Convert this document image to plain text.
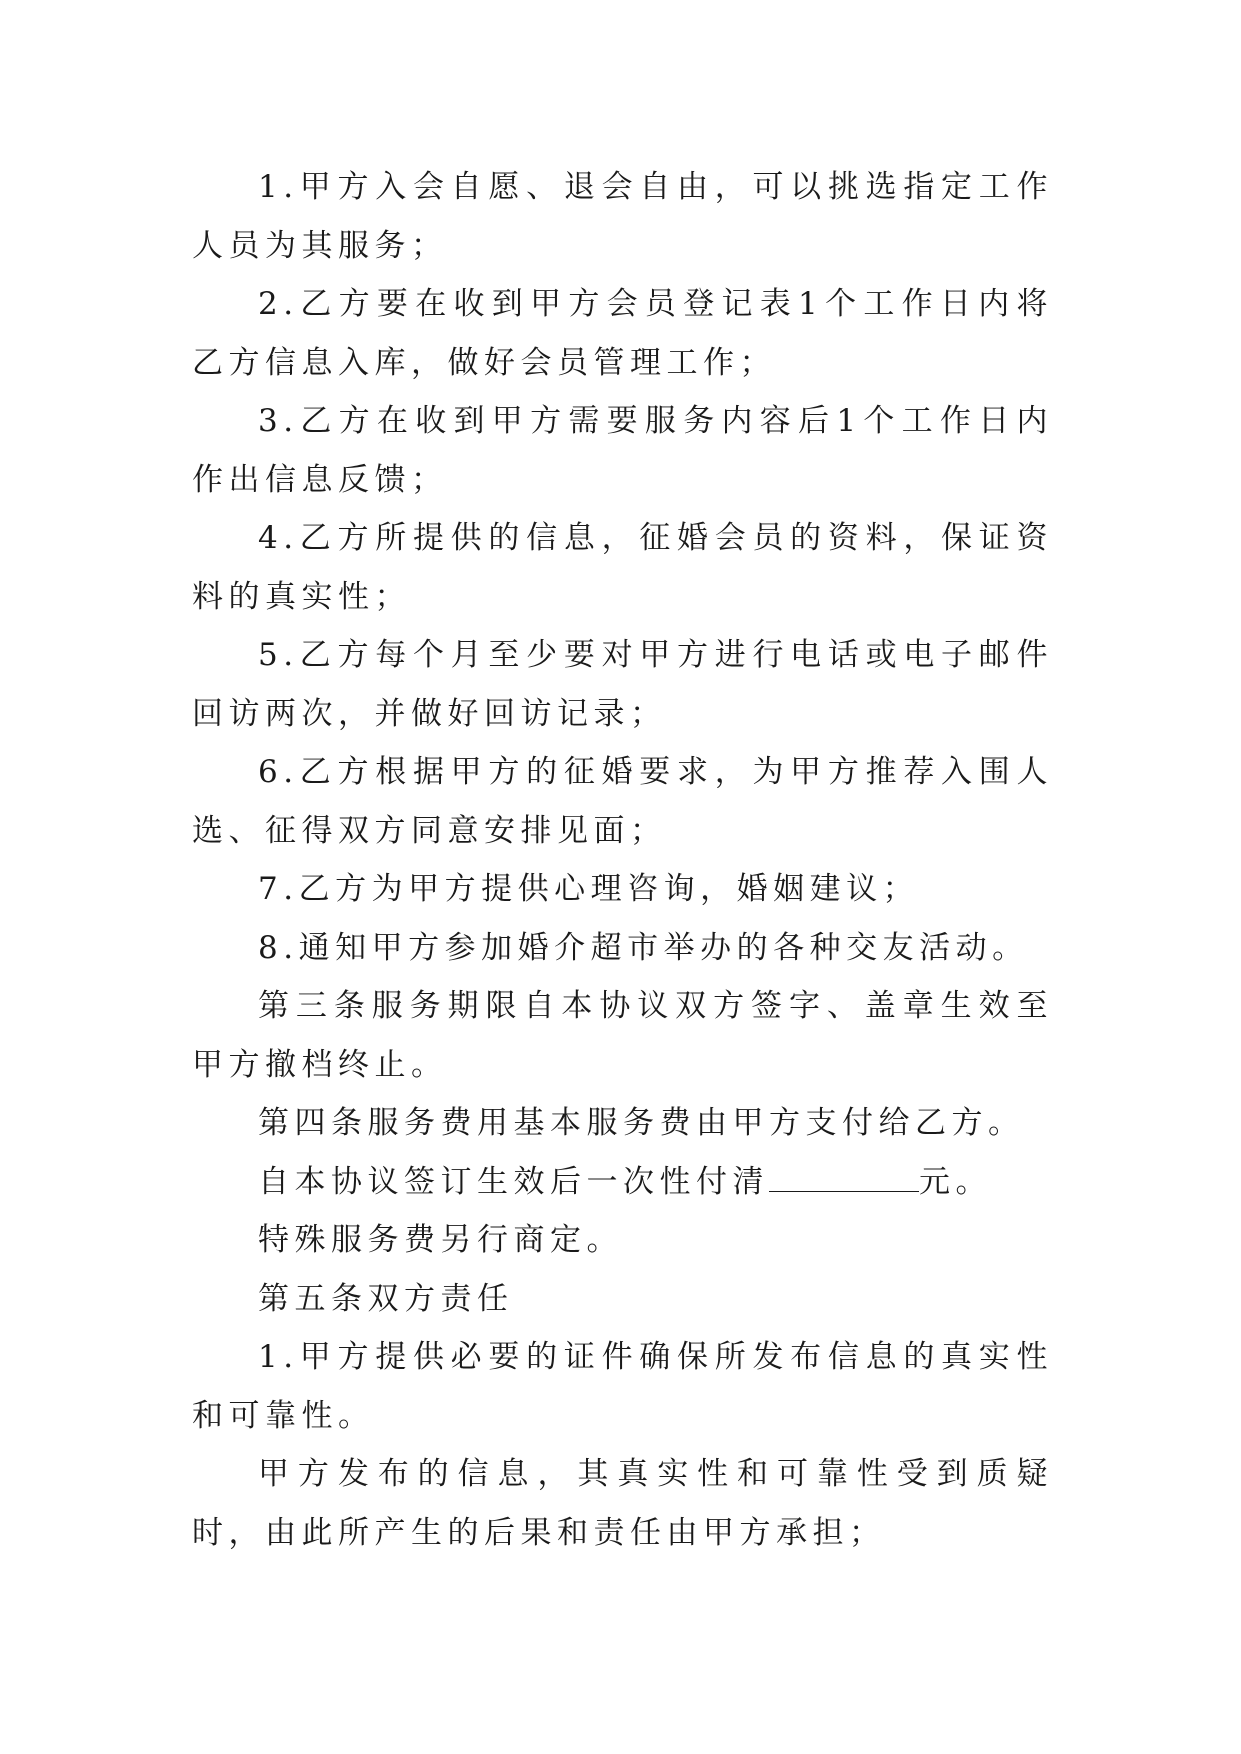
1.甲方入会自愿、退会自由，可以挑选指定工作人员为其服务；

2.乙方要在收到甲方会员登记表1个工作日内将乙方信息入库，做好会员管理工作；

3.乙方在收到甲方需要服务内容后1个工作日内作出信息反馈；

4.乙方所提供的信息，征婚会员的资料，保证资料的真实性；

5.乙方每个月至少要对甲方进行电话或电子邮件回访两次，并做好回访记录；

6.乙方根据甲方的征婚要求，为甲方推荐入围人选、征得双方同意安排见面；

7.乙方为甲方提供心理咨询，婚姻建议；

8.通知甲方参加婚介超市举办的各种交友活动。

第三条服务期限自本协议双方签字、盖章生效至甲方撤档终止。

第四条服务费用基本服务费由甲方支付给乙方。

自本协议签订生效后一次性付清	元。

特殊服务费另行商定。

第五条双方责任

1.甲方提供必要的证件确保所发布信息的真实性和可靠性。

甲方发布的信息，其真实性和可靠性受到质疑时，由此所产生的后果和责任由甲方承担；
